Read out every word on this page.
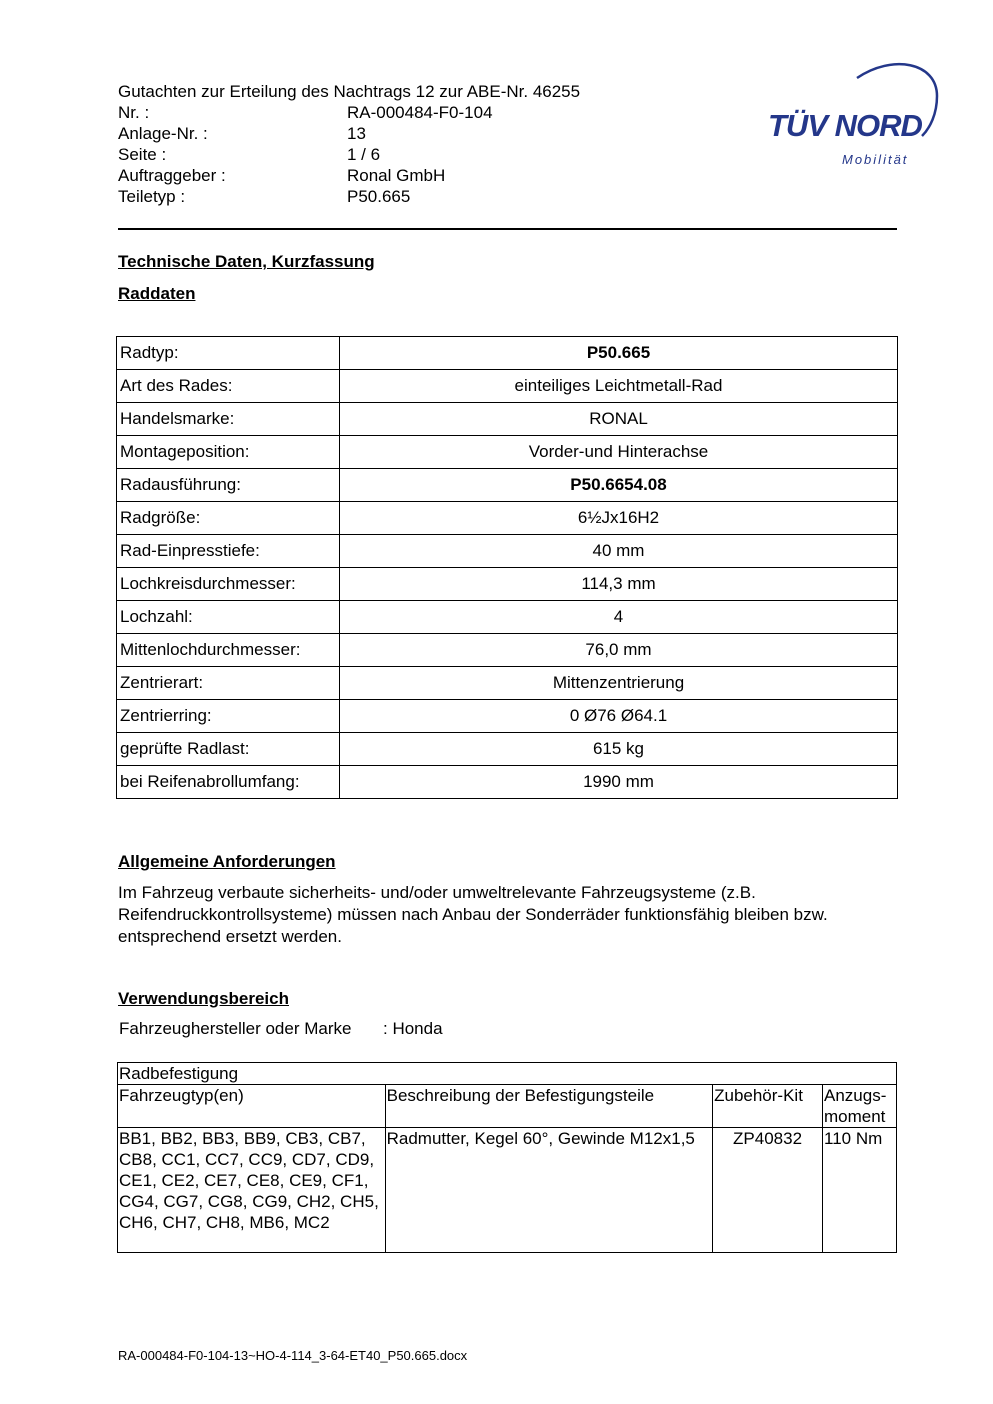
Gutachten zur Erteilung des Nachtrags 12 zur ABE-Nr. 46255
Nr. :	RA-000484-F0-104
Anlage-Nr. :	13
Seite :	1 / 6
Auftraggeber :	Ronal GmbH
Teiletyp :	P50.665
TÜV NORD
Mobilität
Technische Daten, Kurzfassung
Raddaten
Radtyp:	P50.665
Art des Rades:	einteiliges Leichtmetall-Rad
Handelsmarke:	RONAL
Montageposition:	Vorder-und Hinterachse
Radausführung:	P50.6654.08
Radgröße:	6½Jx16H2
Rad-Einpresstiefe:	40 mm
Lochkreisdurchmesser:	114,3 mm
Lochzahl:	4
Mittenlochdurchmesser:	76,0 mm
Zentrierart:	Mittenzentrierung
Zentrierring:	0 Ø76 Ø64.1
geprüfte Radlast:	615 kg
bei Reifenabrollumfang:	1990 mm
Allgemeine Anforderungen
Im Fahrzeug verbaute sicherheits- und/oder umweltrelevante Fahrzeugsysteme (z.B. Reifendruckkontrollsysteme) müssen nach Anbau der Sonderräder funktionsfähig bleiben bzw. entsprechend ersetzt werden.
Verwendungsbereich
Fahrzeughersteller oder Marke : Honda
Radbefestigung			
Fahrzeugtyp(en)	Beschreibung der Befestigungsteile	Zubehör-Kit	Anzugs-moment
BB1, BB2, BB3, BB9, CB3, CB7, CB8, CC1, CC7, CC9, CD7, CD9, CE1, CE2, CE7, CE8, CE9, CF1, CG4, CG7, CG8, CG9, CH2, CH5, CH6, CH7, CH8, MB6, MC2	Radmutter, Kegel 60°, Gewinde M12x1,5	ZP40832	110 Nm
RA-000484-F0-104-13~HO-4-114_3-64-ET40_P50.665.docx
